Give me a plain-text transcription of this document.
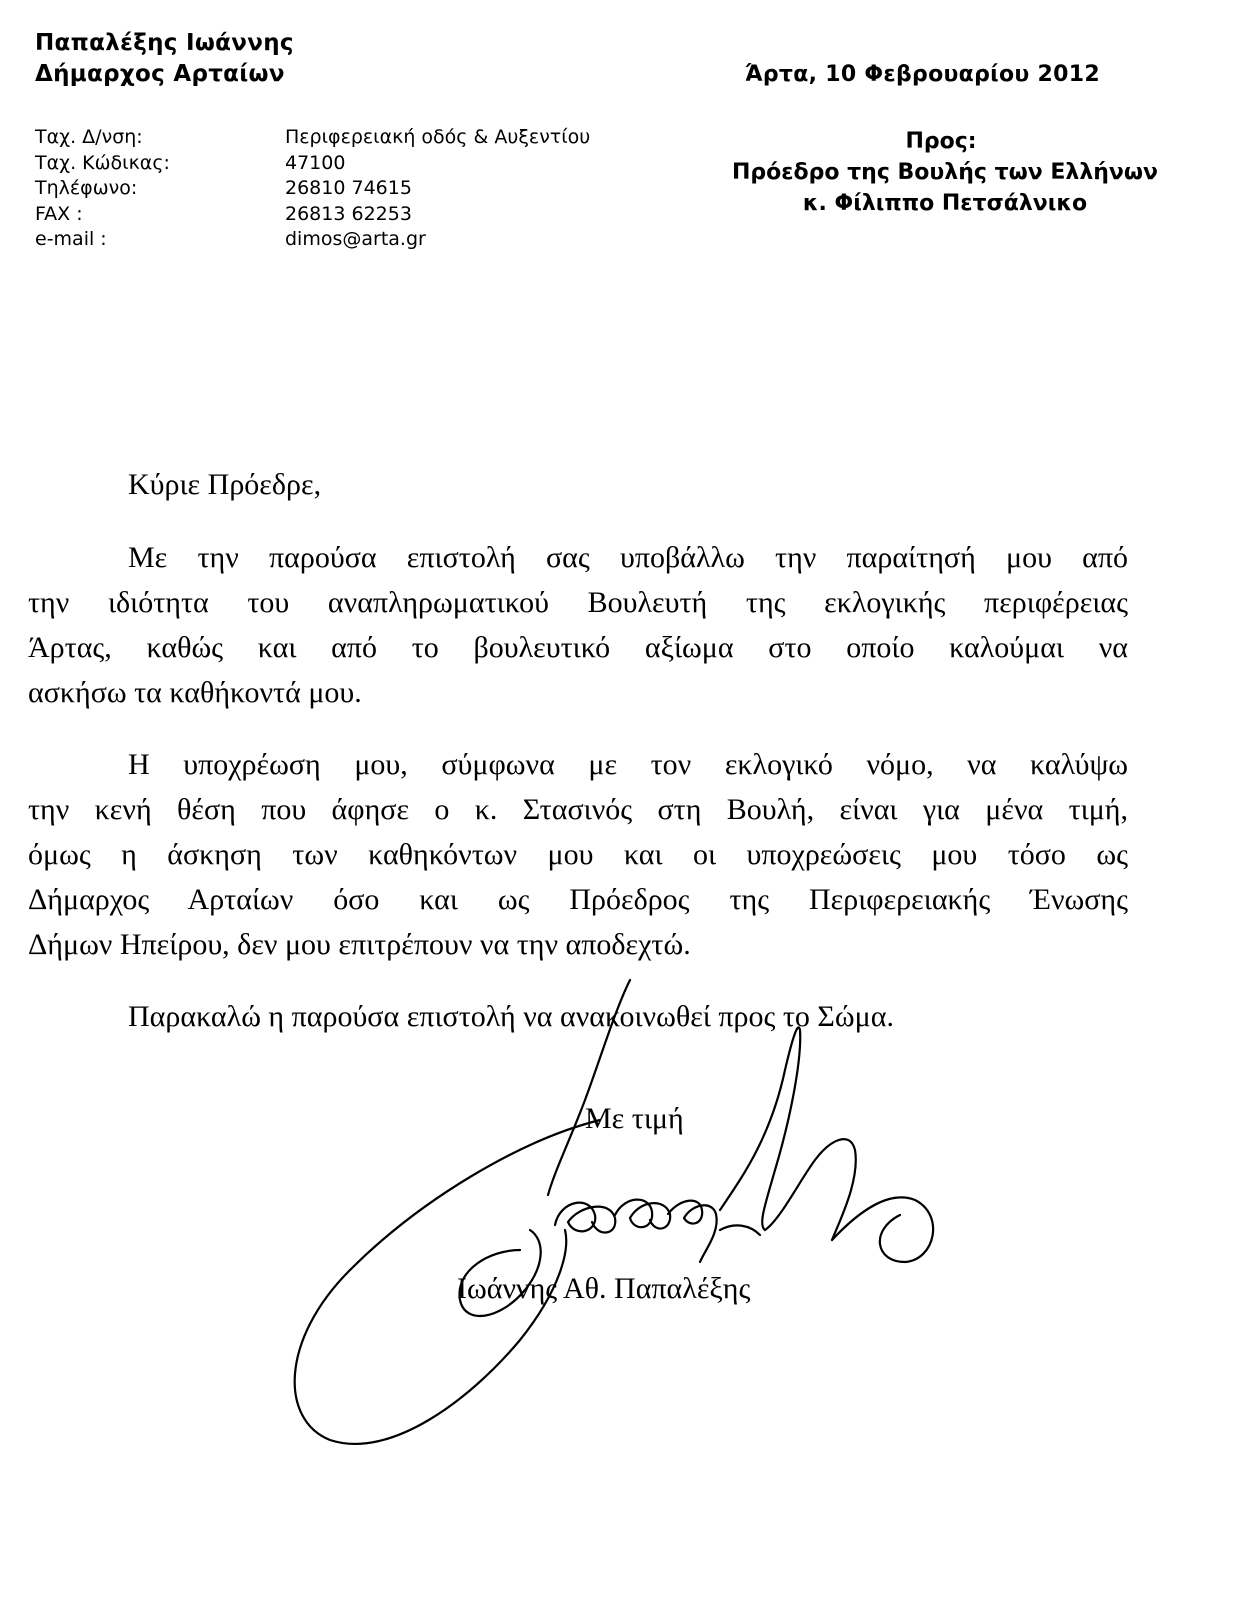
Παπαλέξης Ιωάννης
Δήμαρχος Αρταίων	Άρτα, 10 Φεβρουαρίου 2012
Ταχ. Δ/νση:	Περιφερειακή οδός & Αυξεντίου
Ταχ. Κώδικας:	47100
Τηλέφωνο:	26810 74615
FAX :	26813 62253
e-mail :	dimos@arta.gr
Προς:
Πρόεδρο της Βουλής των Ελλήνων
κ. Φίλιππο Πετσάλνικο
Κύριε Πρόεδρε,
Με την παρούσα επιστολή σας υποβάλλω την παραίτησή μου από
την ιδιότητα του αναπληρωματικού Βουλευτή της εκλογικής περιφέρειας
Άρτας, καθώς και από το βουλευτικό αξίωμα στο οποίο καλούμαι να
ασκήσω τα καθήκοντά μου.
Η υποχρέωση μου, σύμφωνα με τον εκλογικό νόμο, να καλύψω
την κενή θέση που άφησε ο κ. Στασινός στη Βουλή, είναι για μένα τιμή,
όμως η άσκηση των καθηκόντων μου και οι υποχρεώσεις μου τόσο ως
Δήμαρχος Αρταίων όσο και ως Πρόεδρος της Περιφερειακής Ένωσης
Δήμων Ηπείρου, δεν μου επιτρέπουν να την αποδεχτώ.
Παρακαλώ η παρούσα επιστολή να ανακοινωθεί προς το Σώμα.
Με τιμή
Ιωάννης Αθ. Παπαλέξης
